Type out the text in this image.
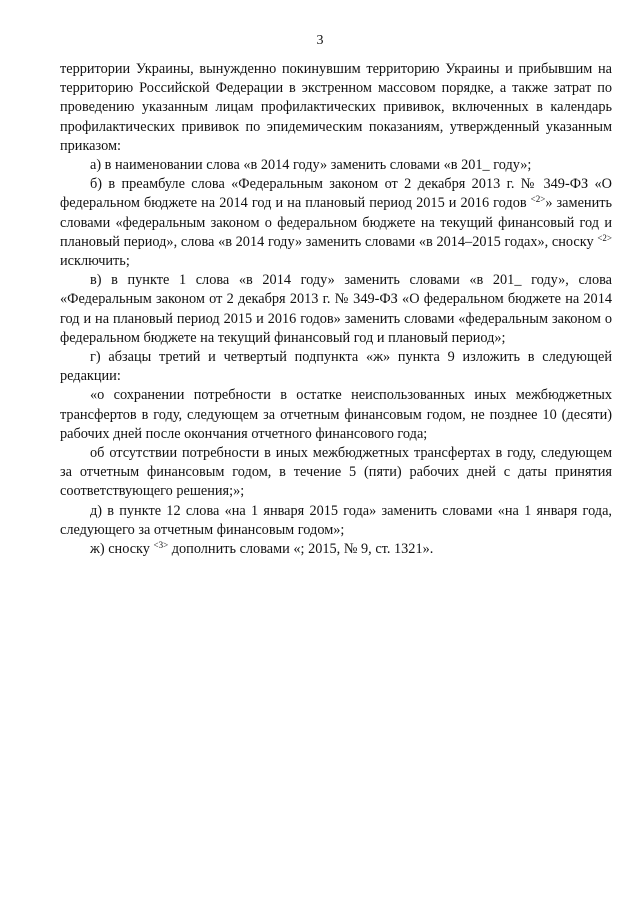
3

территории Украины, вынужденно покинувшим территорию Украины и прибывшим на территорию Российской Федерации в экстренном массовом порядке, а также затрат по проведению указанным лицам профилактических прививок, включенных в календарь профилактических прививок по эпидемическим показаниям, утвержденный указанным приказом:

а) в наименовании слова «в 2014 году» заменить словами «в 201_ году»;

б) в преамбуле слова «Федеральным законом от 2 декабря 2013 г. № 349-ФЗ «О федеральном бюджете на 2014 год и на плановый период 2015 и 2016 годов $^{<2>}$» заменить словами «федеральным законом о федеральном бюджете на текущий финансовый год и плановый период», слова «в 2014 году» заменить словами «в 2014–2015 годах», сноску $^{<2>}$ исключить;

в) в пункте 1 слова «в 2014 году» заменить словами «в 201_ году», слова «Федеральным законом от 2 декабря 2013 г. № 349-ФЗ «О федеральном бюджете на 2014 год и на плановый период 2015 и 2016 годов» заменить словами «федеральным законом о федеральном бюджете на текущий финансовый год и плановый период»;

г) абзацы третий и четвертый подпункта «ж» пункта 9 изложить в следующей редакции:

«о сохранении потребности в остатке неиспользованных иных межбюджетных трансфертов в году, следующем за отчетным финансовым годом, не позднее 10 (десяти) рабочих дней после окончания отчетного финансового года;

об отсутствии потребности в иных межбюджетных трансфертах в году, следующем за отчетным финансовым годом, в течение 5 (пяти) рабочих дней с даты принятия соответствующего решения;»;

д) в пункте 12 слова «на 1 января 2015 года» заменить словами «на 1 января года, следующего за отчетным финансовым годом»;

ж) сноску $^{<3>}$ дополнить словами «; 2015, № 9, ст. 1321».
